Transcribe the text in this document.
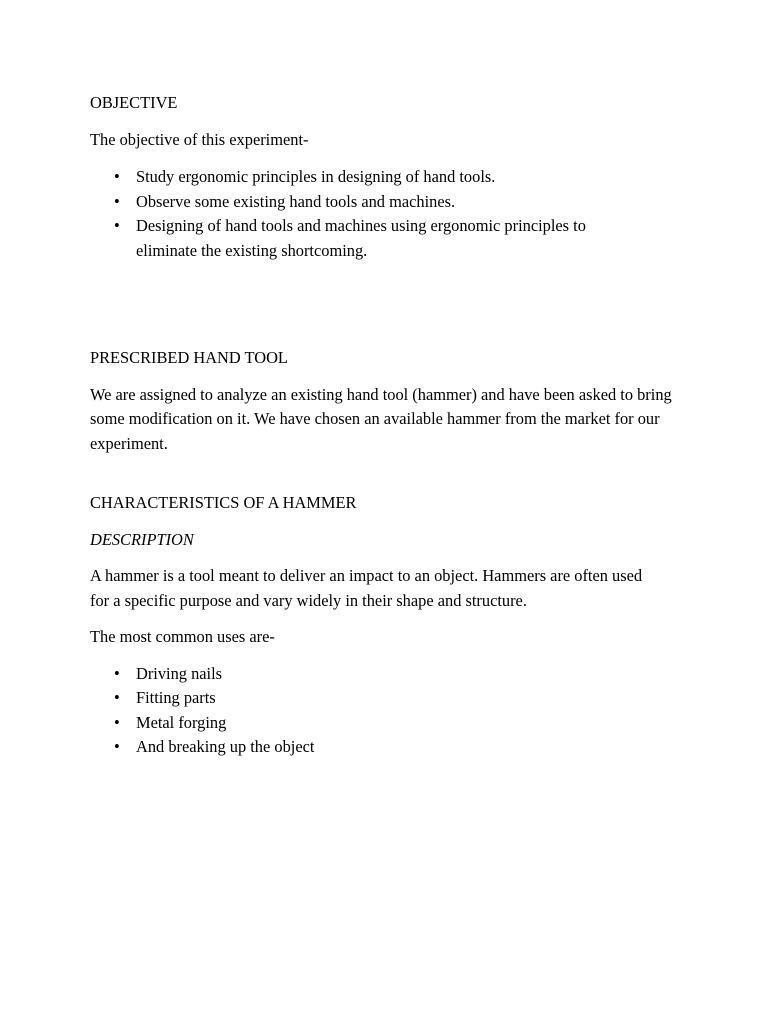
OBJECTIVE

The objective of this experiment-

• Study ergonomic principles in designing of hand tools.
• Observe some existing hand tools and machines.
• Designing of hand tools and machines using ergonomic principles to eliminate the existing shortcoming.
PRESCRIBED HAND TOOL

We are assigned to analyze an existing hand tool (hammer) and have been asked to bring some modification on it. We have chosen an available hammer from the market for our experiment.

CHARACTERISTICS OF A HAMMER

DESCRIPTION

A hammer is a tool meant to deliver an impact to an object. Hammers are often used for a specific purpose and vary widely in their shape and structure.

The most common uses are-

• Driving nails
• Fitting parts
• Metal forging
• And breaking up the object
